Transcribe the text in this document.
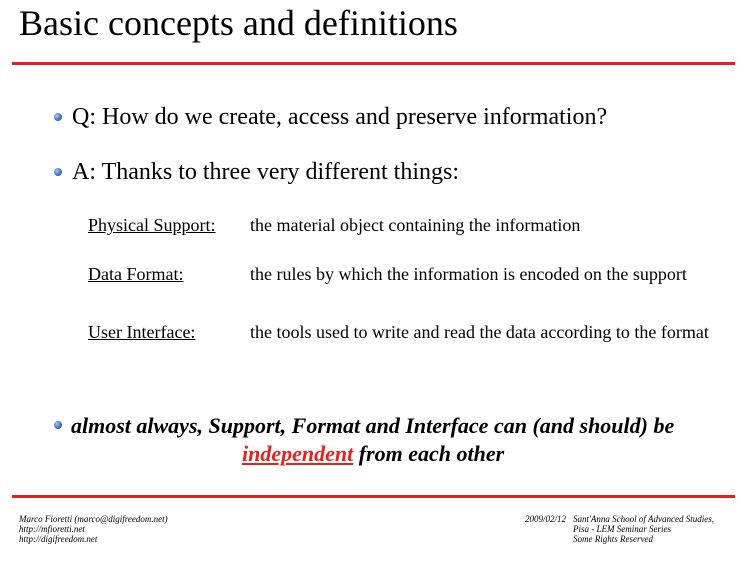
Basic concepts and definitions
Q: How do we create, access and preserve information?
A: Thanks to three very different things:
Physical Support: the material object containing the information
Data Format:	the rules by which the information is encoded on the support
User Interface:	the tools used to write and read the data according to the format
almost always, Support, Format and Interface can (and should) be
independent from each other
Marco Fioretti (marco@digifreedom.net)
http://mfioretti.net
http://digifreedom.net
2009/02/12 Sant'Anna School of Advanced Studies,
Pisa - LEM Seminar Series
Some Rights Reserved
